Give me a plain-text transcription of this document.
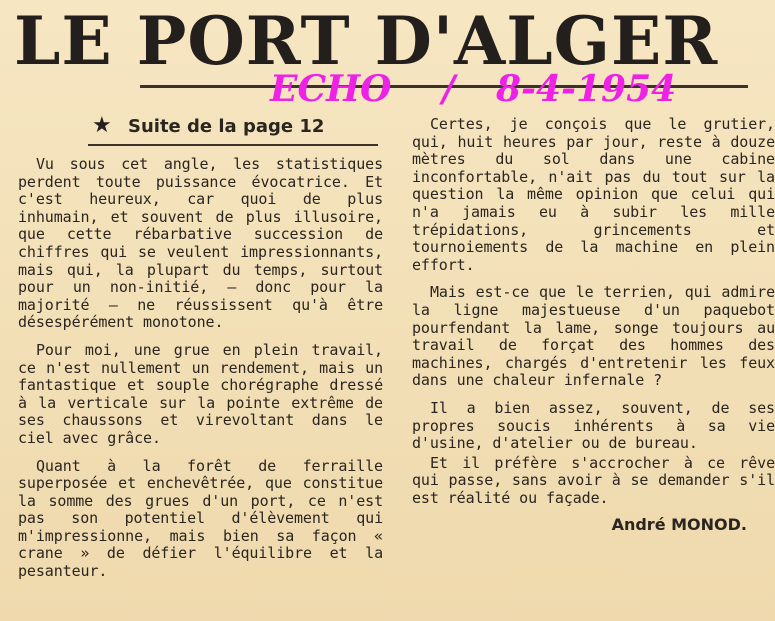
LE PORT D'ALGER
ECHO / 8-4-1954
★ Suite de la page 12

Vu sous cet angle, les statistiques perdent toute puissance évocatrice. Et c'est heureux, car quoi de plus inhumain, et souvent de plus illusoire, que cette rébarbative succession de chiffres qui se veulent impressionnants, mais qui, la plupart du temps, surtout pour un non-initié, — donc pour la majorité — ne réussissent qu'à être désespérément monotone.

Pour moi, une grue en plein travail, ce n'est nullement un rendement, mais un fantastique et souple chorégraphe dressé à la verticale sur la pointe extrême de ses chaussons et virevoltant dans le ciel avec grâce.

Quant à la forêt de ferraille superposée et enchevêtrée, que constitue la somme des grues d'un port, ce n'est pas son potentiel d'élèvement qui m'impressionne, mais bien sa façon « crane » de défier l'équilibre et la pesanteur.

Certes, je conçois que le grutier, qui, huit heures par jour, reste à douze mètres du sol dans une cabine inconfortable, n'ait pas du tout sur la question la même opinion que celui qui n'a jamais eu à subir les mille trépidations, grincements et tournoiements de la machine en plein effort.

Mais est-ce que le terrien, qui admire la ligne majestueuse d'un paquebot pourfendant la lame, songe toujours au travail de forçat des hommes des machines, chargés d'entretenir les feux dans une chaleur infernale ?

Il a bien assez, souvent, de ses propres soucis inhérents à sa vie d'usine, d'atelier ou de bureau.

Et il préfère s'accrocher à ce rêve qui passe, sans avoir à se demander s'il est réalité ou façade.

André MONOD.
